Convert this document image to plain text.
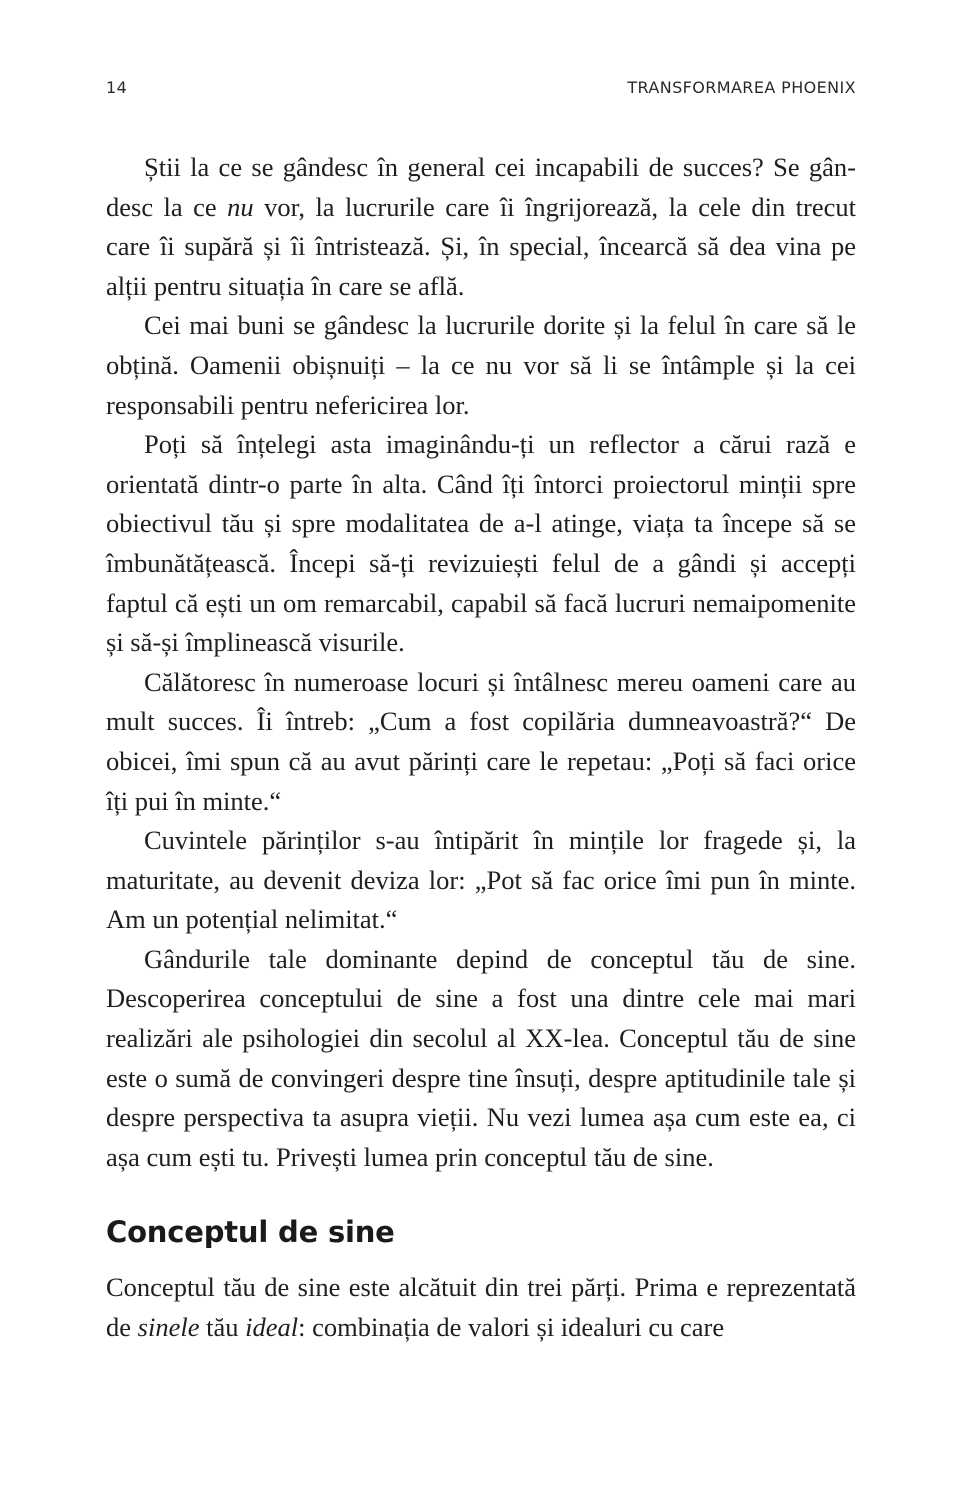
14	TRANSFORMAREA PHOENIX

Știi la ce se gândesc în general cei incapabili de succes? Se gândesc la ce nu vor, la lucrurile care îi îngrijorează, la cele din trecut care îi supără și îi întristează. Și, în special, încearcă să dea vina pe alții pentru situația în care se află.

Cei mai buni se gândesc la lucrurile dorite și la felul în care să le obțină. Oamenii obișnuiți – la ce nu vor să li se întâmple și la cei responsabili pentru nefericirea lor.

Poți să înțelegi asta imaginându-ți un reflector a cărui rază e orientată dintr-o parte în alta. Când îți întorci proiectorul minții spre obiectivul tău și spre modalitatea de a-l atinge, viața ta începe să se îmbunătățească. Începi să-ți revizuiești felul de a gândi și accepți faptul că ești un om remarcabil, capabil să facă lucruri nemaipomenite și să-și împlinească visurile.

Călătoresc în numeroase locuri și întâlnesc mereu oameni care au mult succes. Îi întreb: „Cum a fost copilăria dumneavoastră?“ De obicei, îmi spun că au avut părinți care le repetau: „Poți să faci orice îți pui în minte.“

Cuvintele părinților s-au întipărit în mințile lor fragede și, la maturitate, au devenit deviza lor: „Pot să fac orice îmi pun în minte. Am un potențial nelimitat.“

Gândurile tale dominante depind de conceptul tău de sine. Descoperirea conceptului de sine a fost una dintre cele mai mari realizări ale psihologiei din secolul al XX-lea. Conceptul tău de sine este o sumă de convingeri despre tine însuți, despre aptitudinile tale și despre perspectiva ta asupra vieții. Nu vezi lumea așa cum este ea, ci așa cum ești tu. Privești lumea prin conceptul tău de sine.

Conceptul de sine

Conceptul tău de sine este alcătuit din trei părți. Prima e reprezentată de sinele tău ideal: combinația de valori și idealuri cu care
